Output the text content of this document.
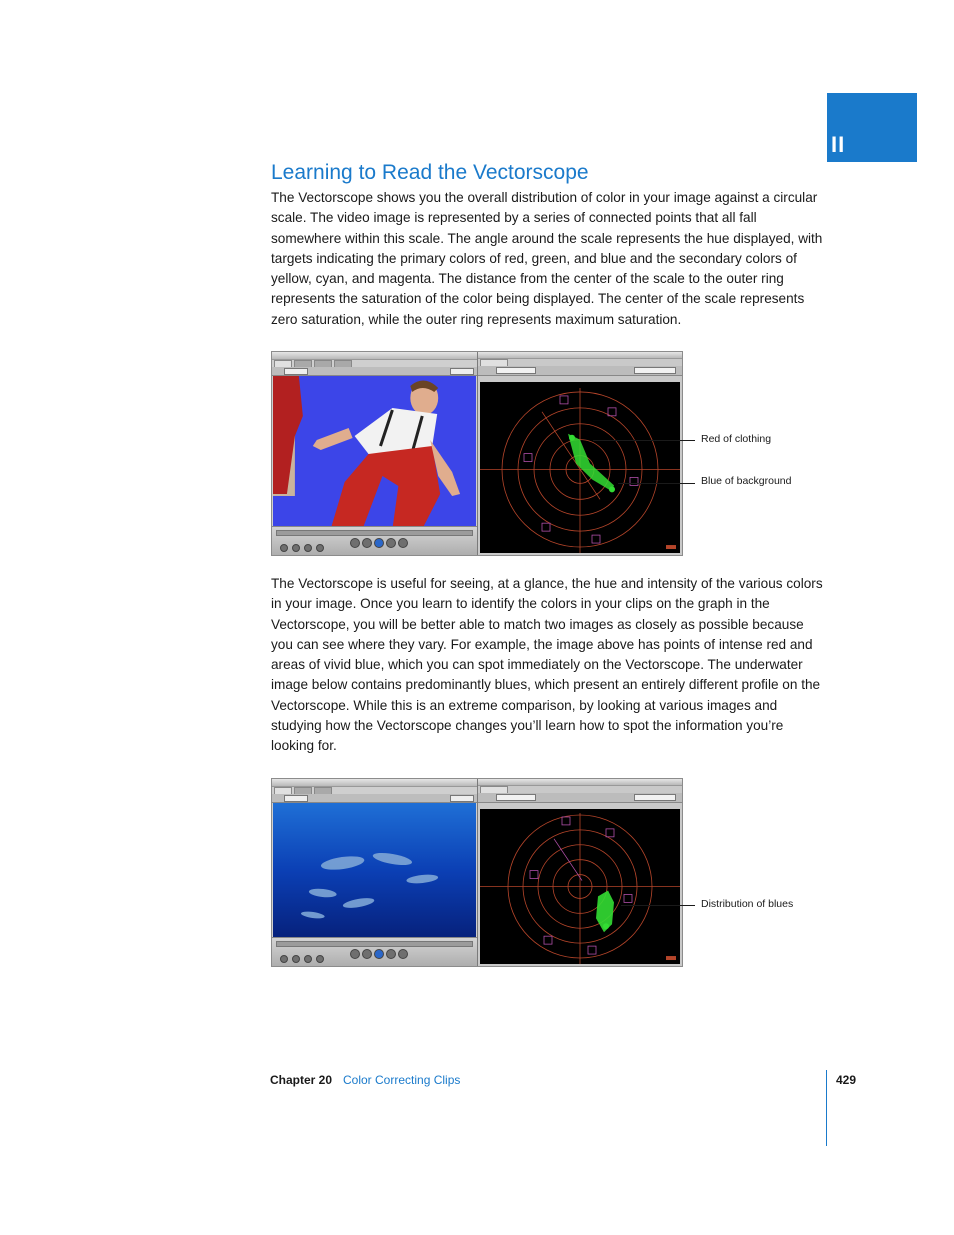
II
Learning to Read the Vectorscope

The Vectorscope shows you the overall distribution of color in your image against a circular scale. The video image is represented by a series of connected points that all fall somewhere within this scale. The angle around the scale represents the hue displayed, with targets indicating the primary colors of red, green, and blue and the secondary colors of yellow, cyan, and magenta. The distance from the center of the scale to the outer ring represents the saturation of the color being displayed. The center of the scale represents zero saturation, while the outer ring represents maximum saturation.

Red of clothing
Blue of background

The Vectorscope is useful for seeing, at a glance, the hue and intensity of the various colors in your image. Once you learn to identify the colors in your clips on the graph in the Vectorscope, you will be better able to match two images as closely as possible because you can see where they vary. For example, the image above has points of intense red and areas of vivid blue, which you can spot immediately on the Vectorscope. The underwater image below contains predominantly blues, which present an entirely different profile on the Vectorscope. While this is an extreme comparison, by looking at various images and studying how the Vectorscope changes you’ll learn how to spot the information you’re looking for.

Distribution of blues
Chapter 20 Color Correcting Clips	429
